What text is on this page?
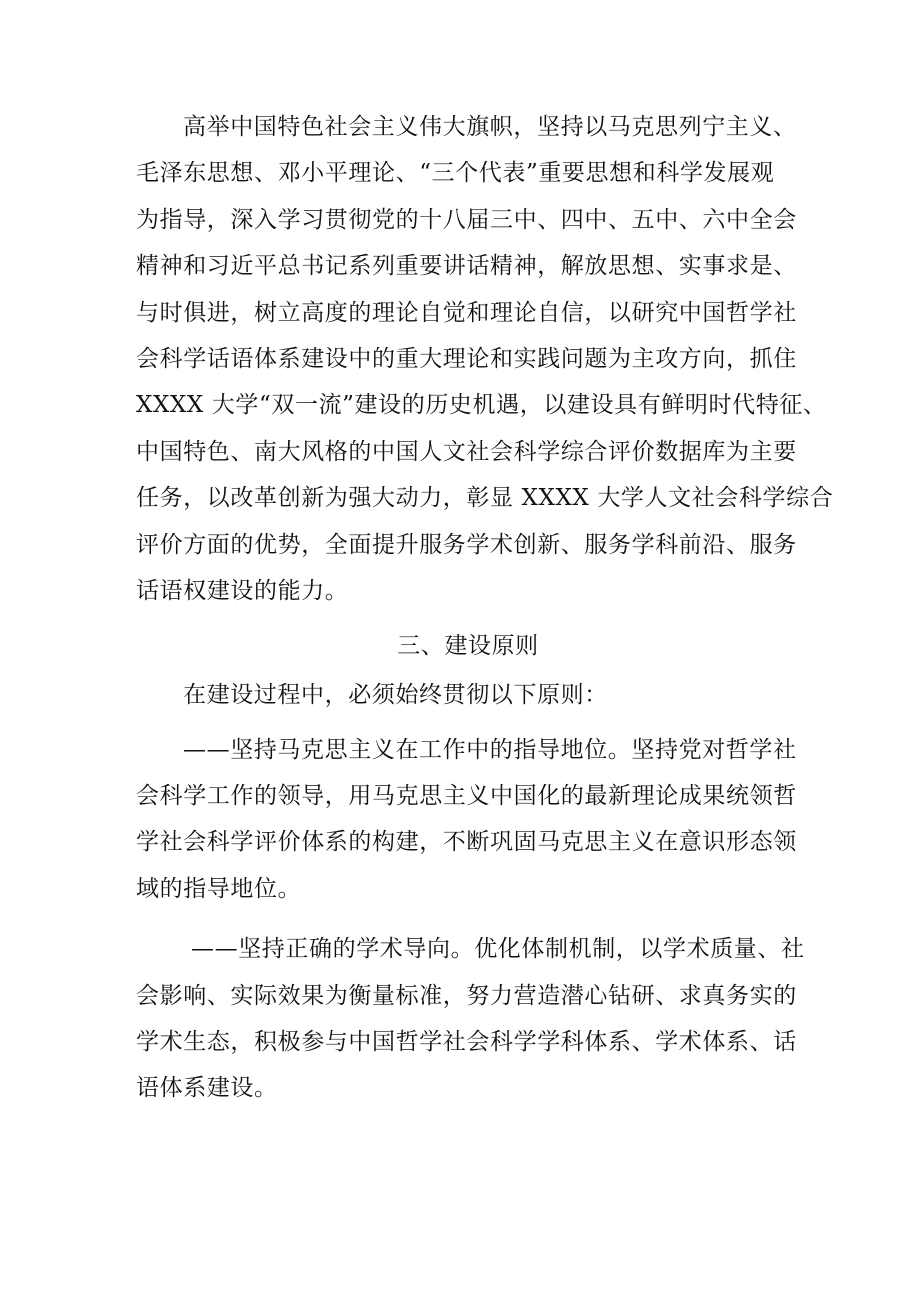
高举中国特色社会主义伟大旗帜，坚持以马克思列宁主义、
毛泽东思想、邓小平理论、“三个代表”重要思想和科学发展观
为指导，深入学习贯彻党的十八届三中、四中、五中、六中全会
精神和习近平总书记系列重要讲话精神，解放思想、实事求是、
与时俱进，树立高度的理论自觉和理论自信，以研究中国哲学社
会科学话语体系建设中的重大理论和实践问题为主攻方向，抓住
XXXX 大学“双一流”建设的历史机遇，以建设具有鲜明时代特征、
中国特色、南大风格的中国人文社会科学综合评价数据库为主要
任务，以改革创新为强大动力，彰显 XXXX 大学人文社会科学综合
评价方面的优势，全面提升服务学术创新、服务学科前沿、服务
话语权建设的能力。
三、建设原则
在建设过程中，必须始终贯彻以下原则：
——坚持马克思主义在工作中的指导地位。坚持党对哲学社
会科学工作的领导，用马克思主义中国化的最新理论成果统领哲
学社会科学评价体系的构建，不断巩固马克思主义在意识形态领
域的指导地位。
——坚持正确的学术导向。优化体制机制，以学术质量、社
会影响、实际效果为衡量标准，努力营造潜心钻研、求真务实的
学术生态，积极参与中国哲学社会科学学科体系、学术体系、话
语体系建设。
